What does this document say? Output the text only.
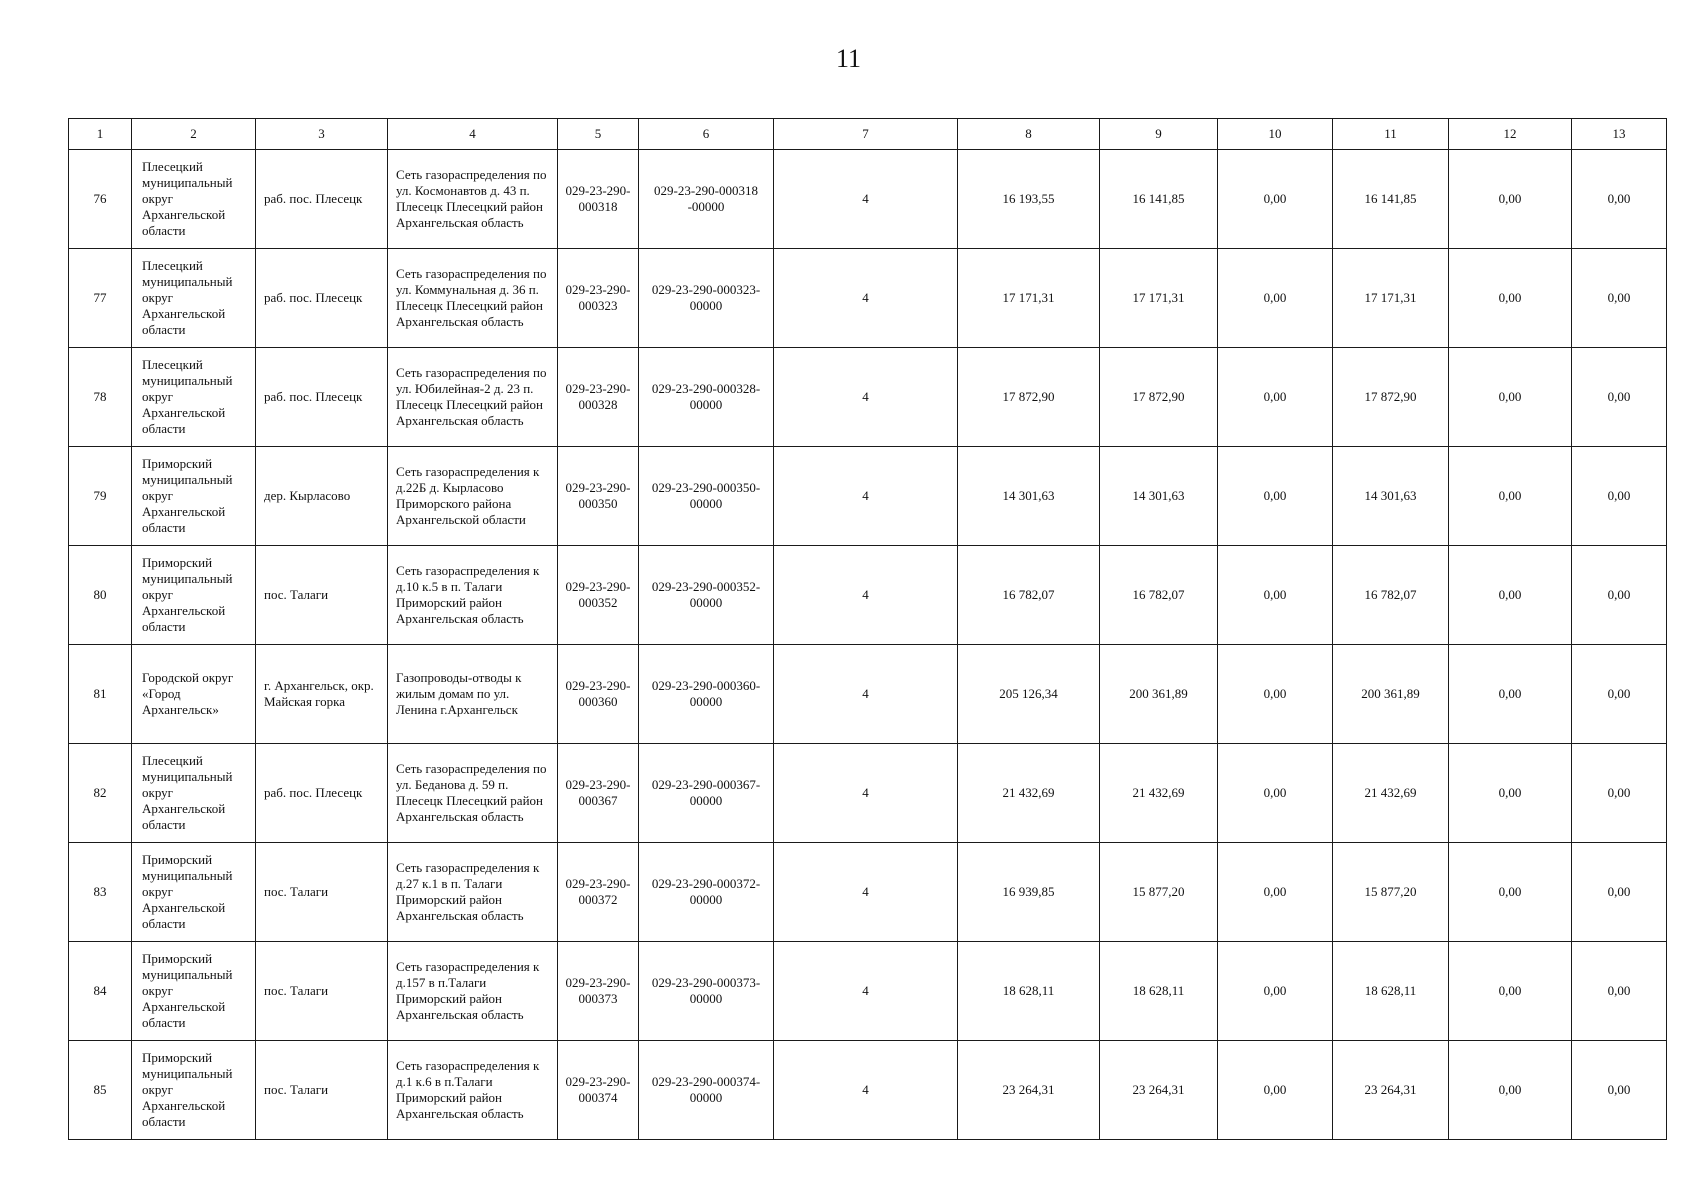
11
1	2	3	4	5	6	7	8	9	10	11	12	13
76	Плесецкий муниципальный округ Архангельской области	раб. пос. Плесецк	Сеть газораспределения по ул. Космонавтов д. 43 п. Плесецк Плесецкий район Архангельская область	029-23-290-000318	029-23-290-000318 -00000	4	16 193,55	16 141,85	0,00	16 141,85	0,00	0,00
77	Плесецкий муниципальный округ Архангельской области	раб. пос. Плесецк	Сеть газораспределения по ул. Коммунальная д. 36 п. Плесецк Плесецкий район Архангельская область	029-23-290-000323	029-23-290-000323-00000	4	17 171,31	17 171,31	0,00	17 171,31	0,00	0,00
78	Плесецкий муниципальный округ Архангельской области	раб. пос. Плесецк	Сеть газораспределения по ул. Юбилейная-2 д. 23 п. Плесецк Плесецкий район Архангельская область	029-23-290-000328	029-23-290-000328-00000	4	17 872,90	17 872,90	0,00	17 872,90	0,00	0,00
79	Приморский муниципальный округ Архангельской области	дер. Кырласово	Сеть газораспределения к д.22Б д. Кырласово Приморского района Архангельской области	029-23-290-000350	029-23-290-000350-00000	4	14 301,63	14 301,63	0,00	14 301,63	0,00	0,00
80	Приморский муниципальный округ Архангельской области	пос. Талаги	Сеть газораспределения к д.10 к.5 в п. Талаги Приморский район Архангельская область	029-23-290-000352	029-23-290-000352-00000	4	16 782,07	16 782,07	0,00	16 782,07	0,00	0,00
81	Городской округ «Город Архангельск»	г. Архангельск, окр. Майская горка	Газопроводы-отводы к жилым домам по ул. Ленина г.Архангельск	029-23-290-000360	029-23-290-000360-00000	4	205 126,34	200 361,89	0,00	200 361,89	0,00	0,00
82	Плесецкий муниципальный округ Архангельской области	раб. пос. Плесецк	Сеть газораспределения по ул. Беданова д. 59 п. Плесецк Плесецкий район Архангельская область	029-23-290-000367	029-23-290-000367-00000	4	21 432,69	21 432,69	0,00	21 432,69	0,00	0,00
83	Приморский муниципальный округ Архангельской области	пос. Талаги	Сеть газораспределения к д.27 к.1 в п. Талаги Приморский район Архангельская область	029-23-290-000372	029-23-290-000372-00000	4	16 939,85	15 877,20	0,00	15 877,20	0,00	0,00
84	Приморский муниципальный округ Архангельской области	пос. Талаги	Сеть газораспределения к д.157 в п.Талаги Приморский район Архангельская область	029-23-290-000373	029-23-290-000373-00000	4	18 628,11	18 628,11	0,00	18 628,11	0,00	0,00
85	Приморский муниципальный округ Архангельской области	пос. Талаги	Сеть газораспределения к д.1 к.6 в п.Талаги Приморский район Архангельская область	029-23-290-000374	029-23-290-000374-00000	4	23 264,31	23 264,31	0,00	23 264,31	0,00	0,00
